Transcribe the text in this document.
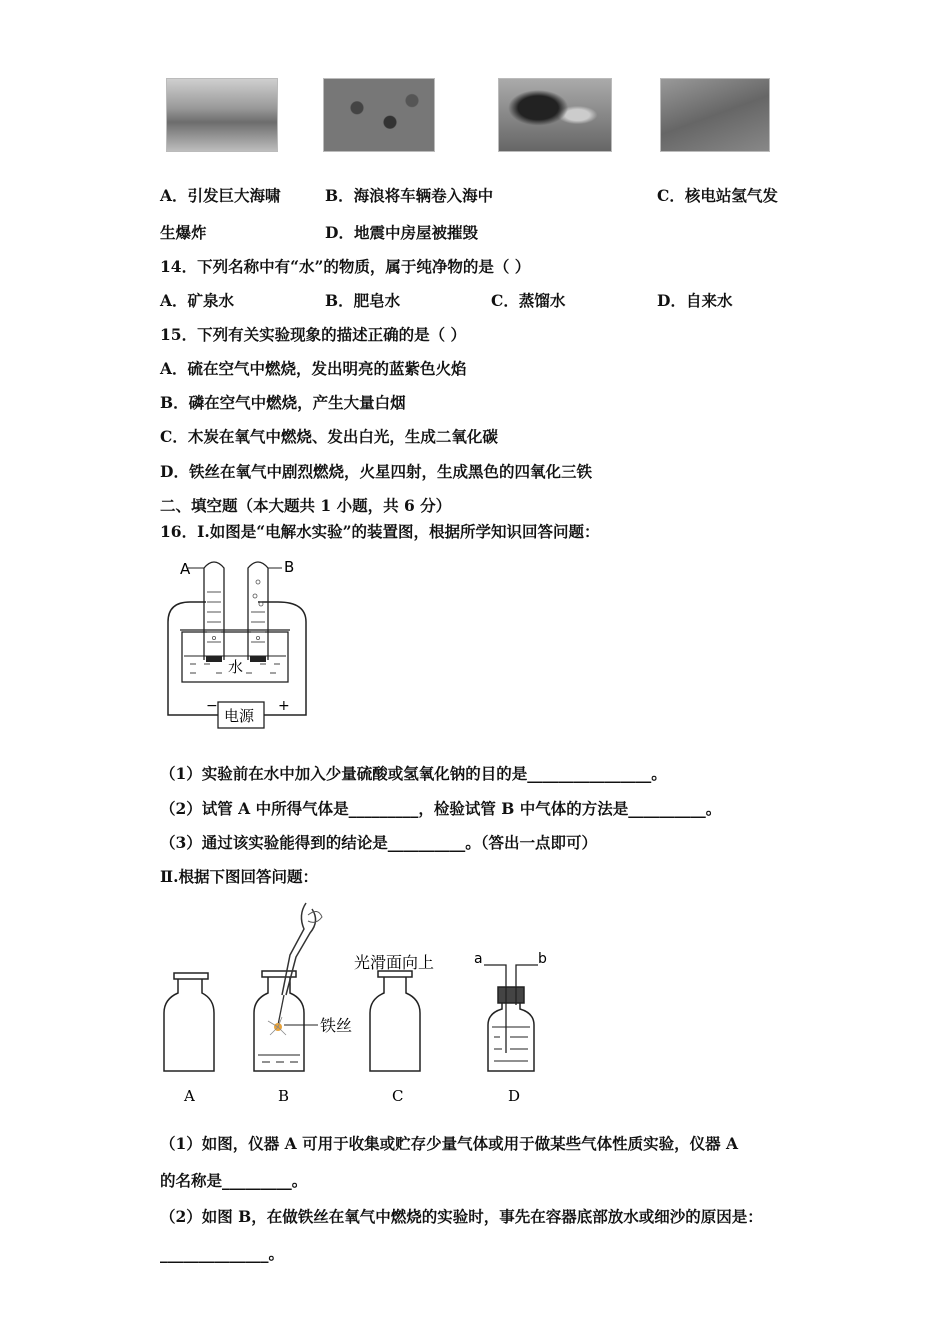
A．引发巨大海啸	B．海浪将车辆卷入海中	C．核电站氢气发
生爆炸	D．地震中房屋被摧毁
14．下列名称中有“水”的物质，属于纯净物的是（ ）
A．矿泉水	B．肥皂水	C．蒸馏水	D．自来水
15．下列有关实验现象的描述正确的是（ ）
A．硫在空气中燃烧，发出明亮的蓝紫色火焰
B．磷在空气中燃烧，产生大量白烟
C．木炭在氧气中燃烧、发出白光，生成二氧化碳
D．铁丝在氧气中剧烈燃烧，火星四射，生成黑色的四氧化三铁
二、填空题（本大题共 1 小题，共 6 分）
16．Ⅰ.如图是“电解水实验”的装置图，根据所学知识回答问题：
A	B
水
电源
−	+
（1）实验前在水中加入少量硫酸或氢氧化钠的目的是________________。
（2）试管 A 中所得气体是_________，检验试管 B 中气体的方法是__________。
（3）通过该实验能得到的结论是__________。（答出一点即可）
Ⅱ.根据下图回答问题：
铁丝
光滑面向上	a	b
A	B	C	D
（1）如图，仪器 A 可用于收集或贮存少量气体或用于做某些气体性质实验，仪器 A
的名称是_________。
（2）如图 B，在做铁丝在氧气中燃烧的实验时，事先在容器底部放水或细沙的原因是：
______________。
